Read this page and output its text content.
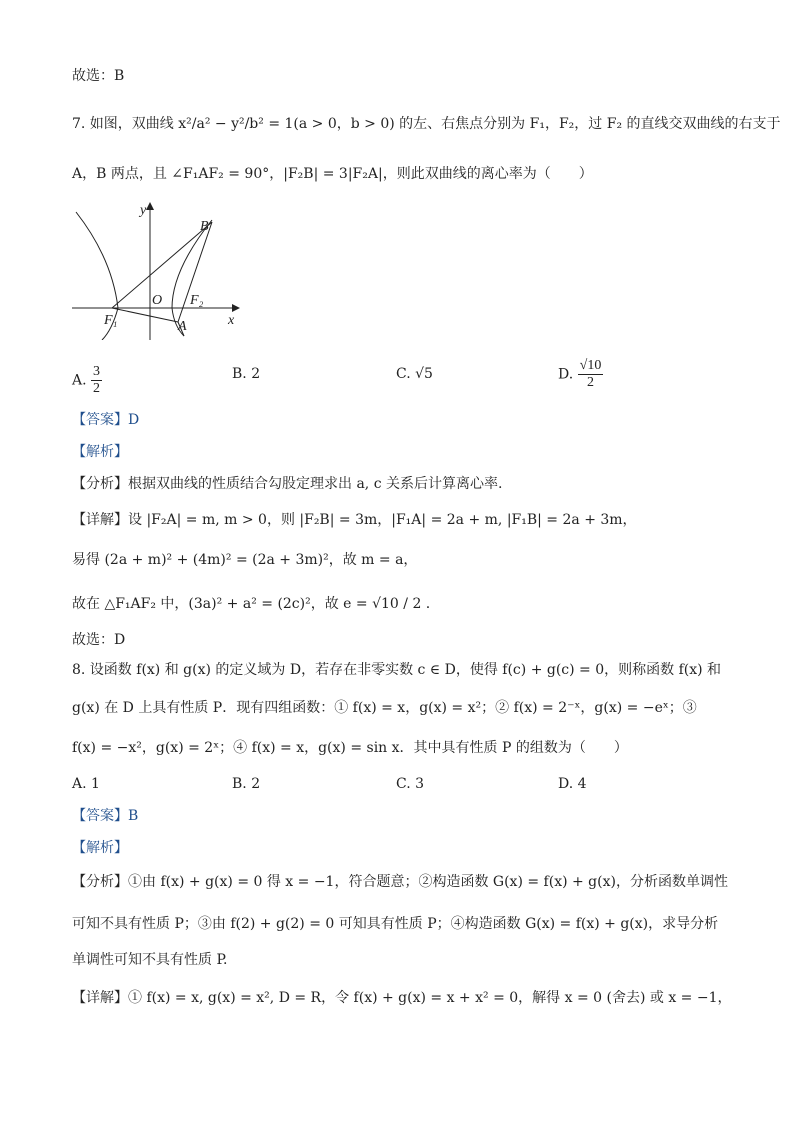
故选：B
7. 如图，双曲线 x²/a² − y²/b² = 1(a > 0，b > 0) 的左、右焦点分别为 F₁，F₂，过 F₂ 的直线交双曲线的右支于
A，B 两点，且 ∠F₁AF₂ = 90°，|F₂B| = 3|F₂A|，则此双曲线的离心率为（　　）
y
x
O
B
A
F₁
F₂
A. $\frac{3}{2}$	B. 2	C. √5	D. $\frac{√10}{2}$
【答案】D
【解析】
【分析】根据双曲线的性质结合勾股定理求出 a, c 关系后计算离心率.
【详解】设 |F₂A| = m, m > 0，则 |F₂B| = 3m，|F₁A| = 2a + m, |F₁B| = 2a + 3m，
易得 (2a + m)² + (4m)² = (2a + 3m)²，故 m = a，
故在 △F₁AF₂ 中，(3a)² + a² = (2c)²，故 e = √10 / 2 .
故选：D
8. 设函数 f(x) 和 g(x) 的定义域为 D，若存在非零实数 c ∈ D，使得 f(c) + g(c) = 0，则称函数 f(x) 和
g(x) 在 D 上具有性质 P．现有四组函数：① f(x) = x，g(x) = x²；② f(x) = 2⁻ˣ，g(x) = −eˣ；③
f(x) = −x²，g(x) = 2ˣ；④ f(x) = x，g(x) = sin x．其中具有性质 P 的组数为（　　）
A. 1	B. 2	C. 3	D. 4
【答案】B
【解析】
【分析】①由 f(x) + g(x) = 0 得 x = −1，符合题意；②构造函数 G(x) = f(x) + g(x)，分析函数单调性
可知不具有性质 P；③由 f(2) + g(2) = 0 可知具有性质 P；④构造函数 G(x) = f(x) + g(x)，求导分析
单调性可知不具有性质 P.
【详解】① f(x) = x, g(x) = x², D = R，令 f(x) + g(x) = x + x² = 0，解得 x = 0 (舍去) 或 x = −1，
